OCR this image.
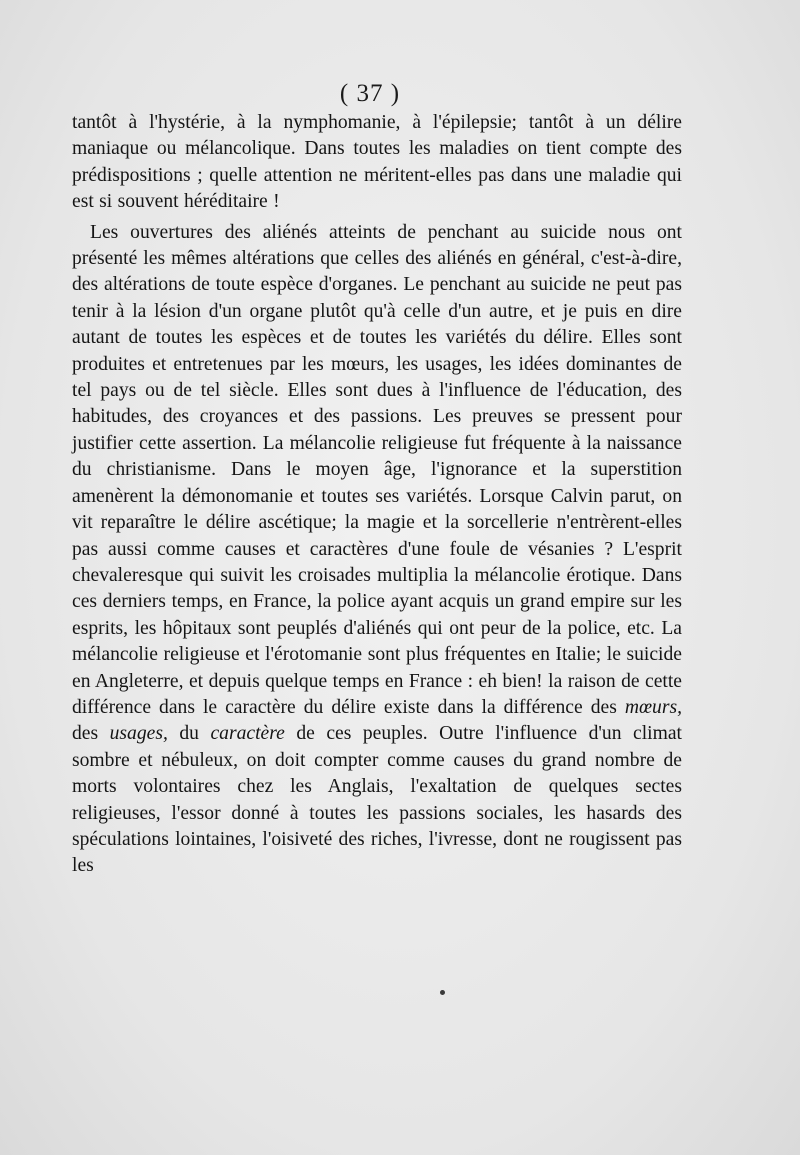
( 37 )

tantôt à l'hystérie, à la nymphomanie, à l'épilepsie; tantôt à un délire maniaque ou mélancolique. Dans toutes les maladies on tient compte des prédispositions ; quelle attention ne méritent-elles pas dans une maladie qui est si souvent héréditaire !

Les ouvertures des aliénés atteints de penchant au suicide nous ont présenté les mêmes altérations que celles des aliénés en général, c'est-à-dire, des altérations de toute espèce d'organes. Le penchant au suicide ne peut pas tenir à la lésion d'un organe plutôt qu'à celle d'un autre, et je puis en dire autant de toutes les espèces et de toutes les variétés du délire. Elles sont produites et entretenues par les mœurs, les usages, les idées dominantes de tel pays ou de tel siècle. Elles sont dues à l'influence de l'éducation, des habitudes, des croyances et des passions. Les preuves se pressent pour justifier cette assertion. La mélancolie religieuse fut fréquente à la naissance du christianisme. Dans le moyen âge, l'ignorance et la superstition amenèrent la démonomanie et toutes ses variétés. Lorsque Calvin parut, on vit reparaître le délire ascétique; la magie et la sorcellerie n'entrèrent-elles pas aussi comme causes et caractères d'une foule de vésanies ? L'esprit chevaleresque qui suivit les croisades multiplia la mélancolie érotique. Dans ces derniers temps, en France, la police ayant acquis un grand empire sur les esprits, les hôpitaux sont peuplés d'aliénés qui ont peur de la police, etc. La mélancolie religieuse et l'érotomanie sont plus fréquentes en Italie; le suicide en Angleterre, et depuis quelque temps en France : eh bien! la raison de cette différence dans le caractère du délire existe dans la différence des mœurs, des usages, du caractère de ces peuples. Outre l'influence d'un climat sombre et nébuleux, on doit compter comme causes du grand nombre de morts volontaires chez les Anglais, l'exaltation de quelques sectes religieuses, l'essor donné à toutes les passions sociales, les hasards des spéculations lointaines, l'oisiveté des riches, l'ivresse, dont ne rougissent pas les
